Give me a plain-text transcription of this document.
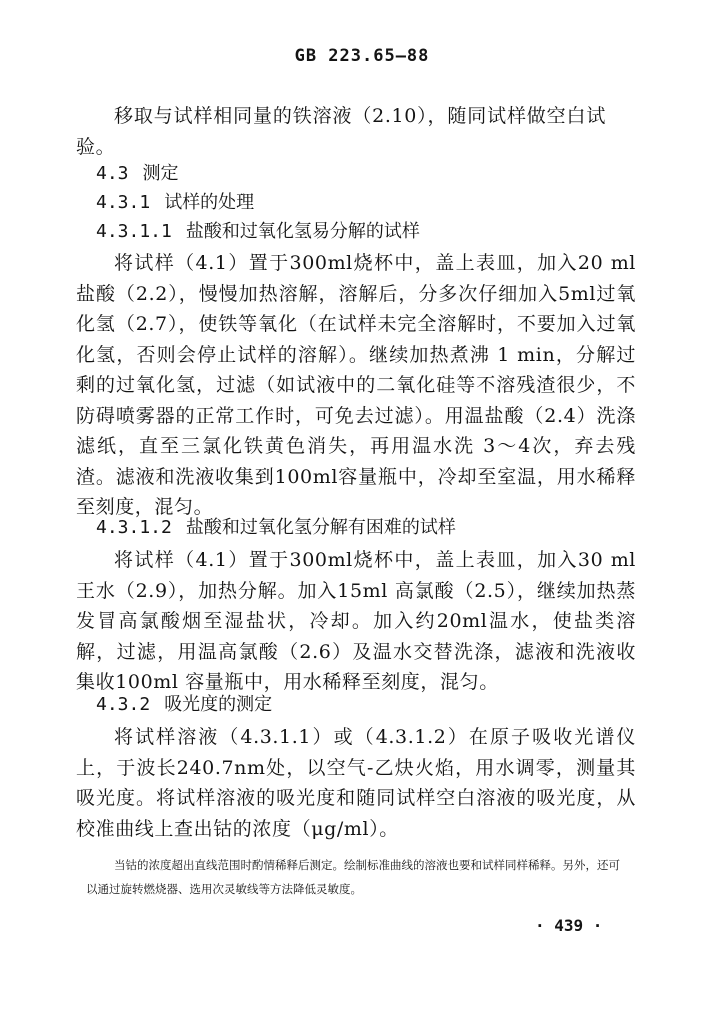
GB 223.65—88
移取与试样相同量的铁溶液（2.10），随同试样做空白试验。
4.3 测定
4.3.1 试样的处理
4.3.1.1 盐酸和过氧化氢易分解的试样
将试样（4.1）置于300ml烧杯中，盖上表皿，加入20 ml盐酸（2.2），慢慢加热溶解，溶解后，分多次仔细加入5ml过氧化氢（2.7），使铁等氧化（在试样未完全溶解时，不要加入过氧化氢，否则会停止试样的溶解）。继续加热煮沸 1 min，分解过剩的过氧化氢，过滤（如试液中的二氧化硅等不溶残渣很少，不防碍喷雾器的正常工作时，可免去过滤）。用温盐酸（2.4）洗涤滤纸，直至三氯化铁黄色消失，再用温水洗 3～4次，弃去残渣。滤液和洗液收集到100ml容量瓶中，冷却至室温，用水稀释至刻度，混匀。
4.3.1.2 盐酸和过氧化氢分解有困难的试样
将试样（4.1）置于300ml烧杯中，盖上表皿，加入30 ml 王水（2.9），加热分解。加入15ml 高氯酸（2.5），继续加热蒸发冒高氯酸烟至湿盐状，冷却。加入约20ml温水，使盐类溶解，过滤，用温高氯酸（2.6）及温水交替洗涤，滤液和洗液收集收100ml 容量瓶中，用水稀释至刻度，混匀。
4.3.2 吸光度的测定
将试样溶液（4.3.1.1）或（4.3.1.2）在原子吸收光谱仪上，于波长240.7nm处，以空气-乙炔火焰，用水调零，测量其吸光度。将试样溶液的吸光度和随同试样空白溶液的吸光度，从校准曲线上查出钴的浓度（μg/ml）。
当钴的浓度超出直线范围时酌情稀释后测定。绘制标准曲线的溶液也要和试样同样稀释。另外，还可以通过旋转燃烧器、选用次灵敏线等方法降低灵敏度。
· 439 ·
